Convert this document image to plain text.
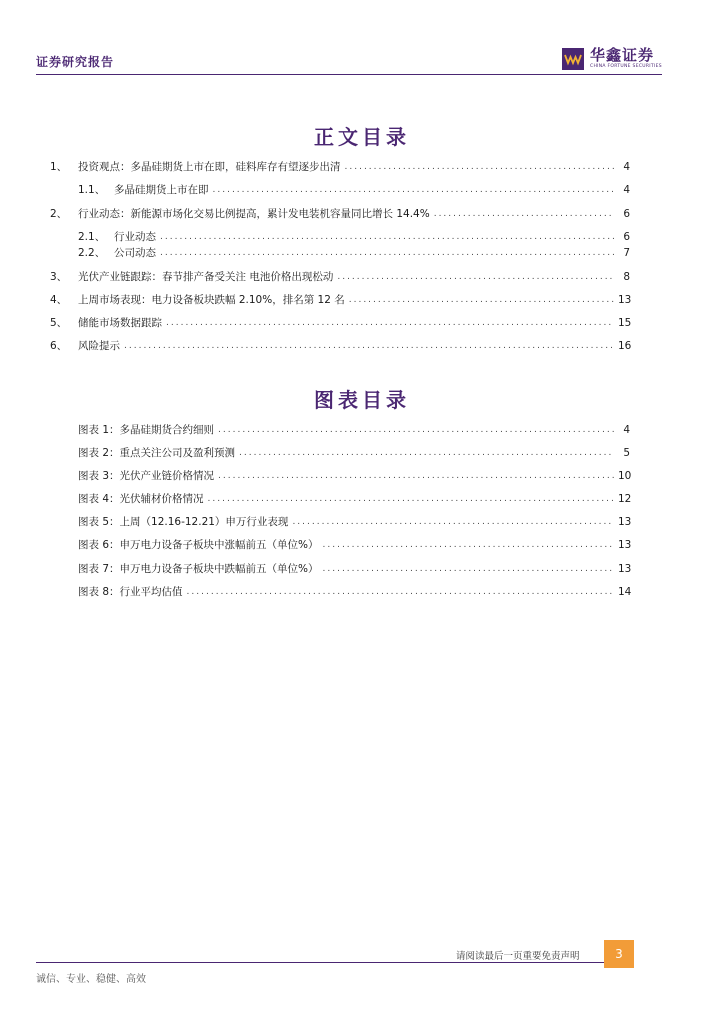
证券研究报告	华鑫证券
CHINA FORTUNE SECURITIES
正文目录
1、	投资观点：多晶硅期货上市在即，硅料库存有望逐步出清 .....	4
1.1、 多晶硅期货上市在即 .....	4
2、	行业动态：新能源市场化交易比例提高，累计发电装机容量同比增长 14.4% .....	6
2.1、 行业动态 .....	6
2.2、 公司动态 .....	7
3、	光伏产业链跟踪：春节排产备受关注 电池价格出现松动 .....	8
4、	上周市场表现：电力设备板块跌幅 2.10%，排名第 12 名 .....	13
5、	储能市场数据跟踪 .....	15
6、	风险提示 .....	16
图表目录
图表 1：多晶硅期货合约细则 .....	4
图表 2：重点关注公司及盈利预测 .....	5
图表 3：光伏产业链价格情况 .....	10
图表 4：光伏辅材价格情况 .....	12
图表 5：上周（12.16-12.21）申万行业表现 .....	13
图表 6：申万电力设备子板块中涨幅前五（单位%） .....	13
图表 7：申万电力设备子板块中跌幅前五（单位%） .....	13
图表 8：行业平均估值 .....	14
请阅读最后一页重要免责声明	3
诚信、专业、稳健、高效
